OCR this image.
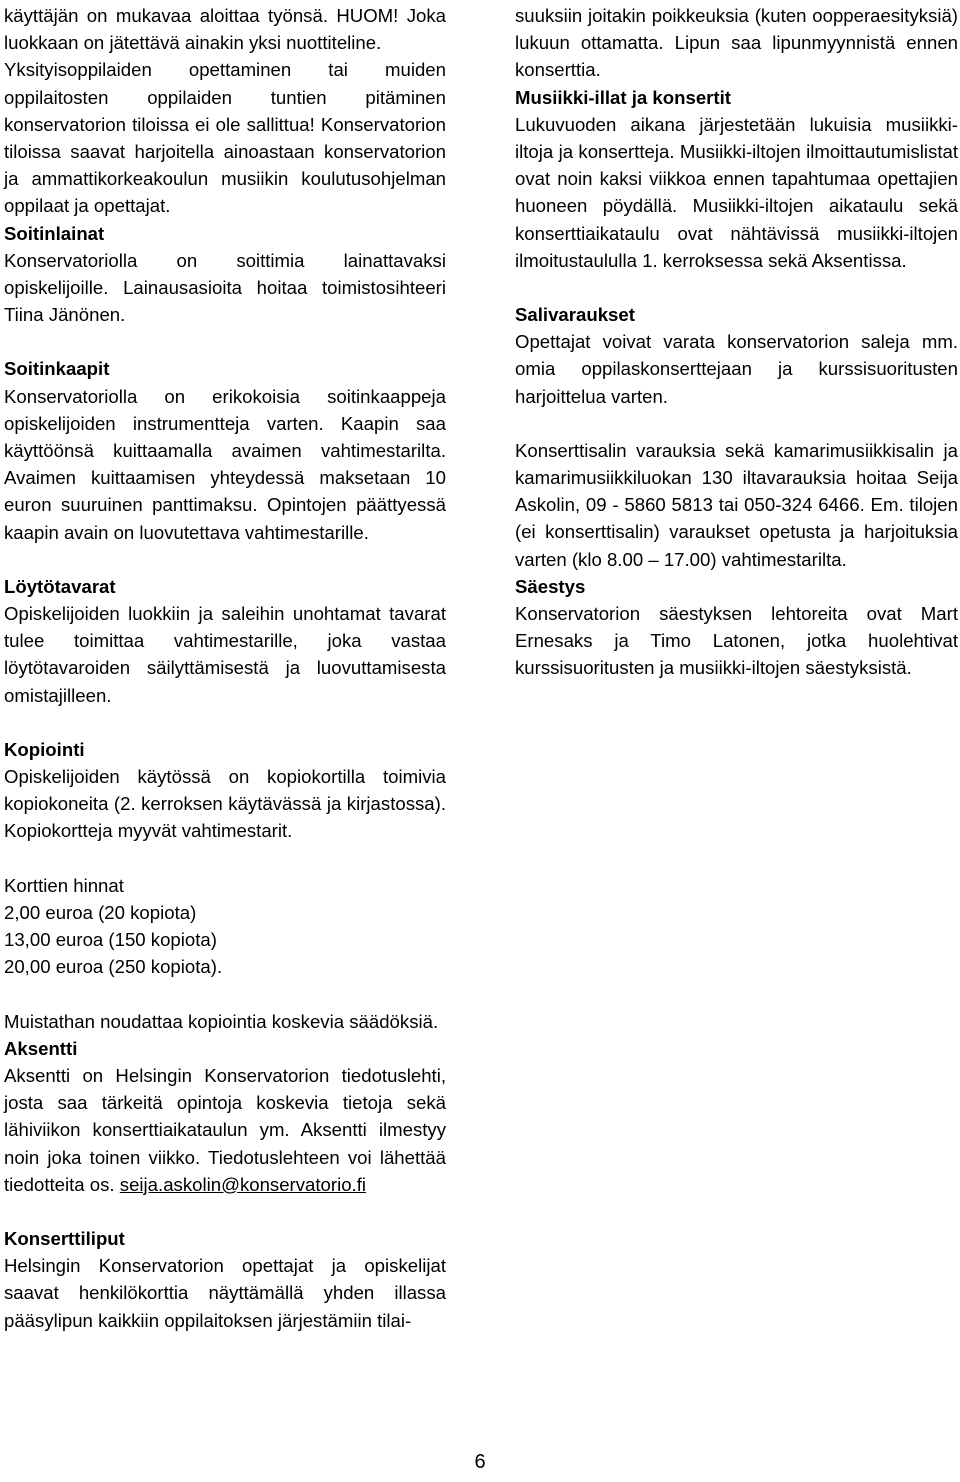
käyttäjän on mukavaa aloittaa työnsä. HUOM! Joka luokkaan on jätettävä ainakin yksi nuottiteline.

Yksityisoppilaiden opettaminen tai muiden oppilaitosten oppilaiden tuntien pitäminen konservatorion tiloissa ei ole sallittua! Konservatorion tiloissa saavat harjoitella ainoastaan konservatorion ja ammattikorkeakoulun musiikin koulutusohjelman oppilaat ja opettajat.

Soitinlainat

Konservatoriolla on soittimia lainattavaksi opiskelijoille. Lainausasioita hoitaa toimistosihteeri Tiina Jänönen.

Soitinkaapit

Konservatoriolla on erikokoisia soitinkaappeja opiskelijoiden instrumentteja varten. Kaapin saa käyttöönsä kuittaamalla avaimen vahtimestarilta. Avaimen kuittaamisen yhteydessä maksetaan 10 euron suuruinen panttimaksu. Opintojen päättyessä kaapin avain on luovutettava vahtimestarille.

Löytötavarat

Opiskelijoiden luokkiin ja saleihin unohtamat tavarat tulee toimittaa vahtimestarille, joka vastaa löytötavaroiden säilyttämisestä ja luovuttamisesta omistajilleen.

Kopiointi

Opiskelijoiden käytössä on kopiokortilla toimivia kopiokoneita (2. kerroksen käytävässä ja kirjastossa). Kopiokortteja myyvät vahtimestarit.

Korttien hinnat

2,00 euroa (20 kopiota)

13,00 euroa (150 kopiota)

20,00 euroa (250 kopiota).

Muistathan noudattaa kopiointia koskevia säädöksiä.

Aksentti

Aksentti on Helsingin Konservatorion tiedotuslehti, josta saa tärkeitä opintoja koskevia tietoja sekä lähiviikon konserttiaikataulun ym. Aksentti ilmestyy noin joka toinen viikko. Tiedotuslehteen voi lähettää tiedotteita os. seija.askolin@konservatorio.fi

Konserttiliput

Helsingin Konservatorion opettajat ja opiskelijat saavat henkilökorttia näyttämällä yhden illassa pääsylipun kaikkiin oppilaitoksen järjestämiin tilai-

suuksiin joitakin poikkeuksia (kuten oopperaesityksiä) lukuun ottamatta. Lipun saa lipunmyynnistä ennen konserttia.

Musiikki-illat ja konsertit

Lukuvuoden aikana järjestetään lukuisia musiikki-iltoja ja konsertteja. Musiikki-iltojen ilmoittautumislistat ovat noin kaksi viikkoa ennen tapahtumaa opettajien huoneen pöydällä. Musiikki-iltojen aikataulu sekä konserttiaikataulu ovat nähtävissä musiikki-iltojen ilmoitustaululla 1. kerroksessa sekä Aksentissa.

Salivaraukset

Opettajat voivat varata konservatorion saleja mm. omia oppilaskonserttejaan ja kurssisuoritusten harjoittelua varten.

Konserttisalin varauksia sekä kamarimusiikkisalin ja kamarimusiikkiluokan 130 iltavarauksia hoitaa Seija Askolin, 09 - 5860 5813 tai 050-324 6466. Em. tilojen (ei konserttisalin) varaukset opetusta ja harjoituksia varten (klo 8.00 – 17.00) vahtimestarilta.

Säestys

Konservatorion säestyksen lehtoreita ovat Mart Ernesaks ja Timo Latonen, jotka huolehtivat kurssisuoritusten ja musiikki-iltojen säestyksistä.

6
